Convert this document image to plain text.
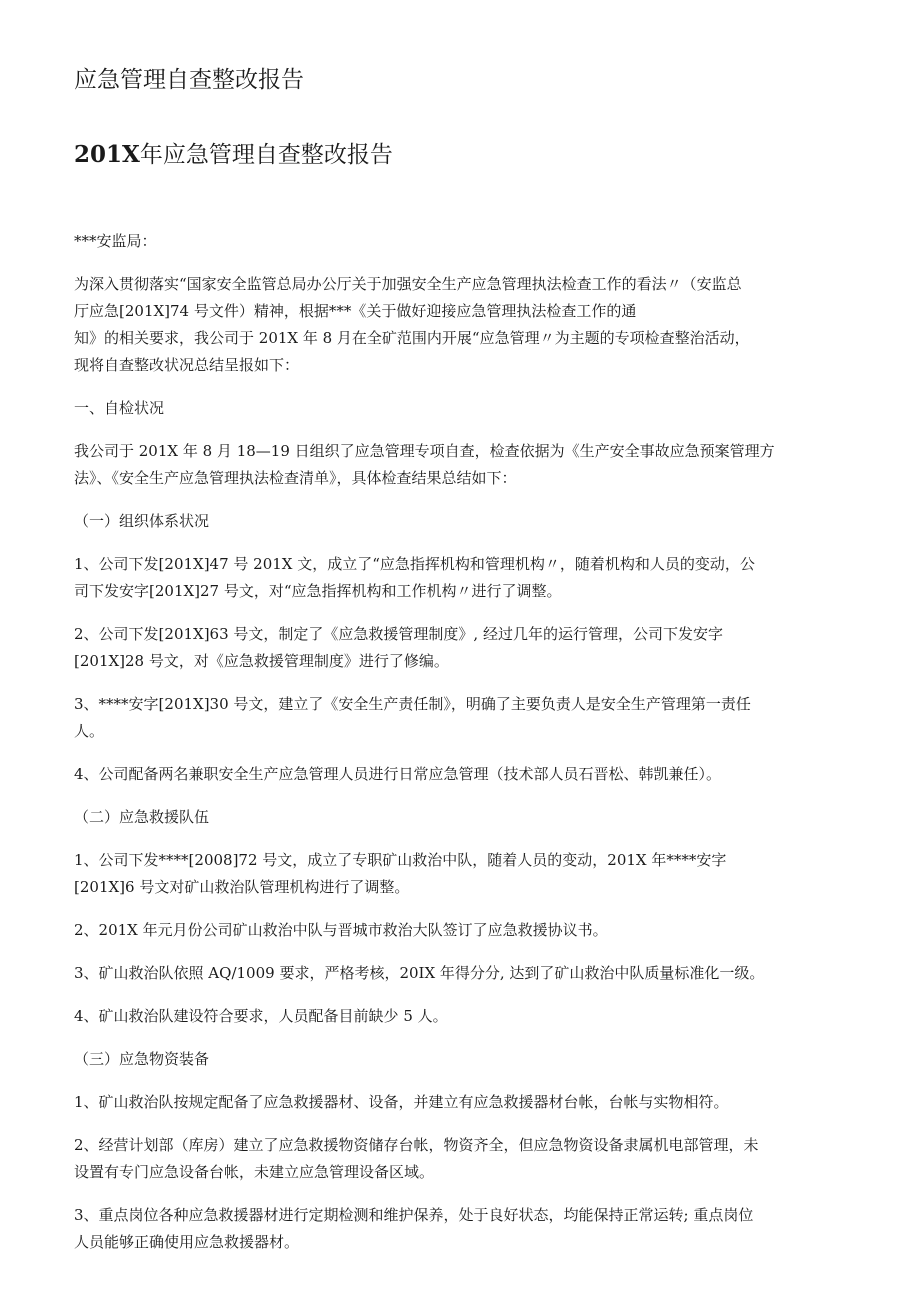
应急管理自查整改报告
201X年应急管理自查整改报告

***安监局：

为深入贯彻落实“国家安全监管总局办公厅关于加强安全生产应急管理执法检查工作的看法〃（安监总
厅应急[201X]74 号文件）精神，根据***《关于做好迎接应急管理执法检查工作的通
知》的相关要求，我公司于 201X 年 8 月在全矿范围内开展“应急管理〃为主题的专项检查整治活动，
现将自查整改状况总结呈报如下：

一、自检状况

我公司于 201X 年 8 月 18—19 日组织了应急管理专项自查，检查依据为《生产安全事故应急预案管理方
法》、《安全生产应急管理执法检查清单》，具体检查结果总结如下：

（一）组织体系状况

1、公司下发[201X]47 号 201X 文，成立了“应急指挥机构和管理机构〃，随着机构和人员的变动，公
司下发安字[201X]27 号文，对“应急指挥机构和工作机构〃进行了调整。

2、公司下发[201X]63 号文，制定了《应急救援管理制度》, 经过几年的运行管理，公司下发安字
[201X]28 号文，对《应急救援管理制度》进行了修编。

3、****安字[201X]30 号文，建立了《安全生产责任制》，明确了主要负责人是安全生产管理第一责任
人。

4、公司配备两名兼职安全生产应急管理人员进行日常应急管理（技术部人员石晋松、韩凯兼任）。

（二）应急救援队伍

1、公司下发****[2008]72 号文，成立了专职矿山救治中队，随着人员的变动，201X 年****安字
[201X]6 号文对矿山救治队管理机构进行了调整。

2、201X 年元月份公司矿山救治中队与晋城市救治大队签订了应急救援协议书。

3、矿山救治队依照 AQ/1009 要求，严格考核，20IX 年得分分, 达到了矿山救治中队质量标准化一级。

4、矿山救治队建设符合要求，人员配备目前缺少 5 人。

（三）应急物资装备

1、矿山救治队按规定配备了应急救援器材、设备，并建立有应急救援器材台帐，台帐与实物相符。

2、经营计划部（库房）建立了应急救援物资储存台帐，物资齐全，但应急物资设备隶属机电部管理，未
设置有专门应急设备台帐，未建立应急管理设备区域。

3、重点岗位各种应急救援器材进行定期检测和维护保养，处于良好状态，均能保持正常运转; 重点岗位
人员能够正确使用应急救援器材。
